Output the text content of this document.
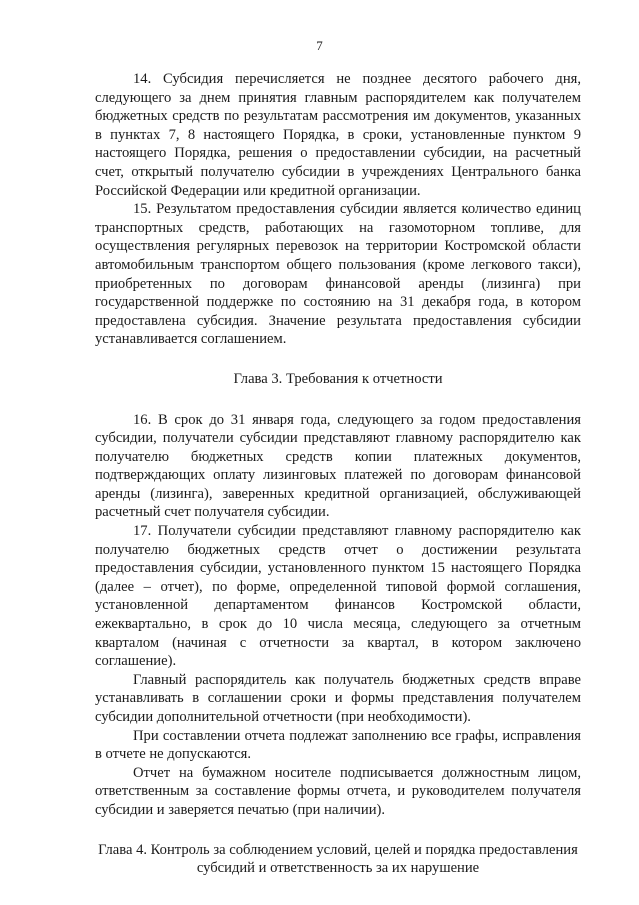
7

14. Субсидия перечисляется не позднее десятого рабочего дня, следующего за днем принятия главным распорядителем как получателем бюджетных средств по результатам рассмотрения им документов, указанных в пунктах 7, 8 настоящего Порядка, в сроки, установленные пунктом 9 настоящего Порядка, решения о предоставлении субсидии, на расчетный счет, открытый получателю субсидии в учреждениях Центрального банка Российской Федерации или кредитной организации.

15. Результатом предоставления субсидии является количество единиц транспортных средств, работающих на газомоторном топливе, для осуществления регулярных перевозок на территории Костромской области автомобильным транспортом общего пользования (кроме легкового такси), приобретенных по договорам финансовой аренды (лизинга) при государственной поддержке по состоянию на 31 декабря года, в котором предоставлена субсидия. Значение результата предоставления субсидии устанавливается соглашением.

Глава 3. Требования к отчетности

16. В срок до 31 января года, следующего за годом предоставления субсидии, получатели субсидии представляют главному распорядителю как получателю бюджетных средств копии платежных документов, подтверждающих оплату лизинговых платежей по договорам финансовой аренды (лизинга), заверенных кредитной организацией, обслуживающей расчетный счет получателя субсидии.

17. Получатели субсидии представляют главному распорядителю как получателю бюджетных средств отчет о достижении результата предоставления субсидии, установленного пунктом 15 настоящего Порядка (далее – отчет), по форме, определенной типовой формой соглашения, установленной департаментом финансов Костромской области, ежеквартально, в срок до 10 числа месяца, следующего за отчетным кварталом (начиная с отчетности за квартал, в котором заключено соглашение).

Главный распорядитель как получатель бюджетных средств вправе устанавливать в соглашении сроки и формы представления получателем субсидии дополнительной отчетности (при необходимости).

При составлении отчета подлежат заполнению все графы, исправления в отчете не допускаются.

Отчет на бумажном носителе подписывается должностным лицом, ответственным за составление формы отчета, и руководителем получателя субсидии и заверяется печатью (при наличии).

Глава 4. Контроль за соблюдением условий, целей и порядка предоставления субсидий и ответственность за их нарушение
